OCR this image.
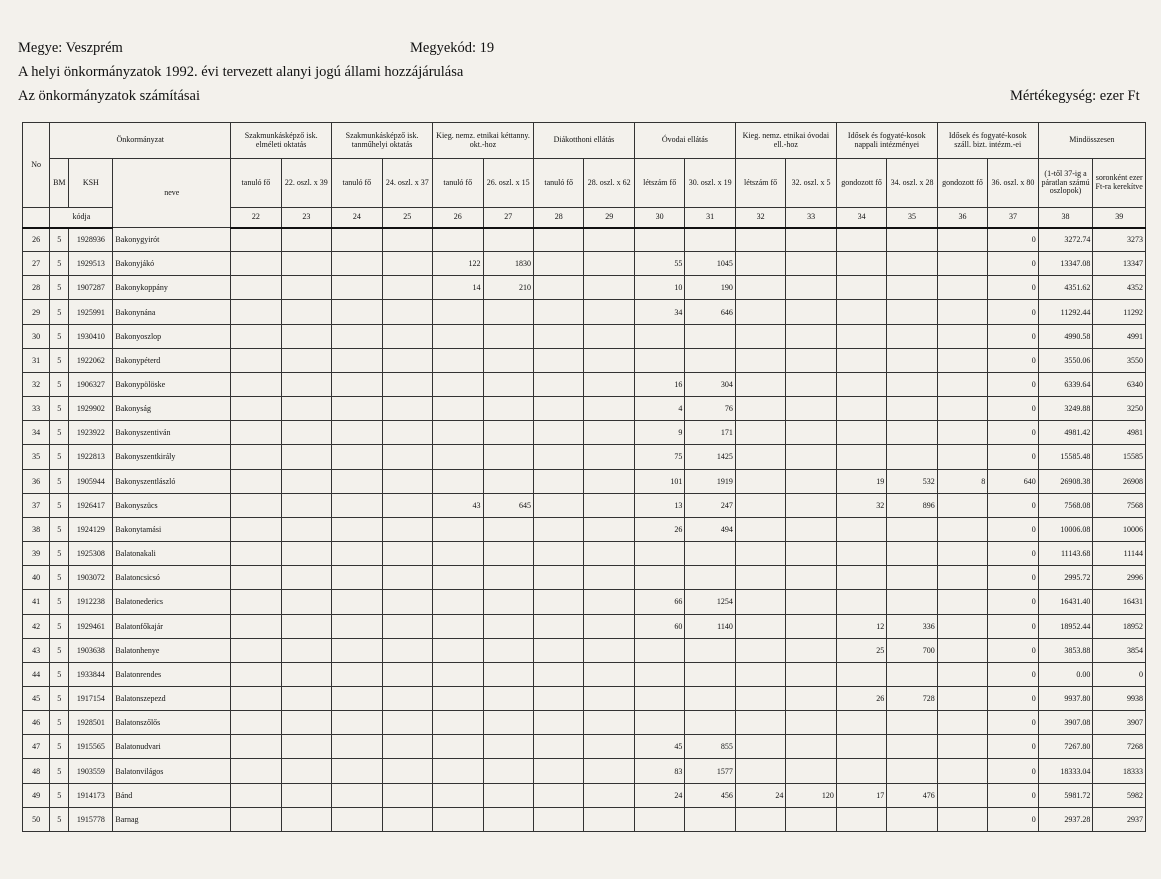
Megye: Veszprém	Megyekód: 19
A helyi önkormányzatok 1992. évi tervezett alanyi jogú állami hozzájárulása
Az önkormányzatok számításai	Mértékegység: ezer Ft
No	Önkormányzat			Szakmunkásképző isk. elméleti oktatás		Szakmunkásképző isk. tanműhelyi oktatás		Kieg. nemz. etnikai kéttanny. okt.-hoz		Diákotthoni ellátás		Óvodai ellátás		Kieg. nemz. etnikai óvodai ell.-hoz		Idősek és fogyaté-kosok nappali intézményei		Idősek és fogyaté-kosok száll. bizt. intézm.-ei		Mindösszesen	
	BM	KSH	neve	tanuló fő	22. oszl. x 39	tanuló fő	24. oszl. x 37	tanuló fő	26. oszl. x 15	tanuló fő	28. oszl. x 62	létszám fő	30. oszl. x 19	létszám fő	32. oszl. x 5	gondozott fő	34. oszl. x 28	gondozott fő	36. oszl. x 80	(1-től 37-ig a páratlan számú oszlopok)	soronként ezer Ft-ra kerekítve
	kódja			22	23	24	25	26	27	28	29	30	31	32	33	34	35	36	37	38	39
26	5	1928936	Bakonygyirót																0	3272.74	3273
27	5	1929513	Bakonyjákó					122	1830			55	1045						0	13347.08	13347
28	5	1907287	Bakonykoppány					14	210			10	190						0	4351.62	4352
29	5	1925991	Bakonynána									34	646						0	11292.44	11292
30	5	1930410	Bakonyoszlop																0	4990.58	4991
31	5	1922062	Bakonypéterd																0	3550.06	3550
32	5	1906327	Bakonypölöske									16	304						0	6339.64	6340
33	5	1929902	Bakonyság									4	76						0	3249.88	3250
34	5	1923922	Bakonyszentiván									9	171						0	4981.42	4981
35	5	1922813	Bakonyszentkirály									75	1425						0	15585.48	15585
36	5	1905944	Bakonyszentlászló									101	1919			19	532	8	640	26908.38	26908
37	5	1926417	Bakonyszücs					43	645			13	247			32	896		0	7568.08	7568
38	5	1924129	Bakonytamási									26	494						0	10006.08	10006
39	5	1925308	Balatonakali																0	11143.68	11144
40	5	1903072	Balatoncsicsó																0	2995.72	2996
41	5	1912238	Balatonederics									66	1254						0	16431.40	16431
42	5	1929461	Balatonfőkajár									60	1140			12	336		0	18952.44	18952
43	5	1903638	Balatonhenye													25	700		0	3853.88	3854
44	5	1933844	Balatonrendes																0	0.00	0
45	5	1917154	Balatonszepezd													26	728		0	9937.80	9938
46	5	1928501	Balatonszőlős																0	3907.08	3907
47	5	1915565	Balatonudvari									45	855						0	7267.80	7268
48	5	1903559	Balatonvilágos									83	1577						0	18333.04	18333
49	5	1914173	Bánd									24	456	24	120	17	476		0	5981.72	5982
50	5	1915778	Barnag																0	2937.28	2937
